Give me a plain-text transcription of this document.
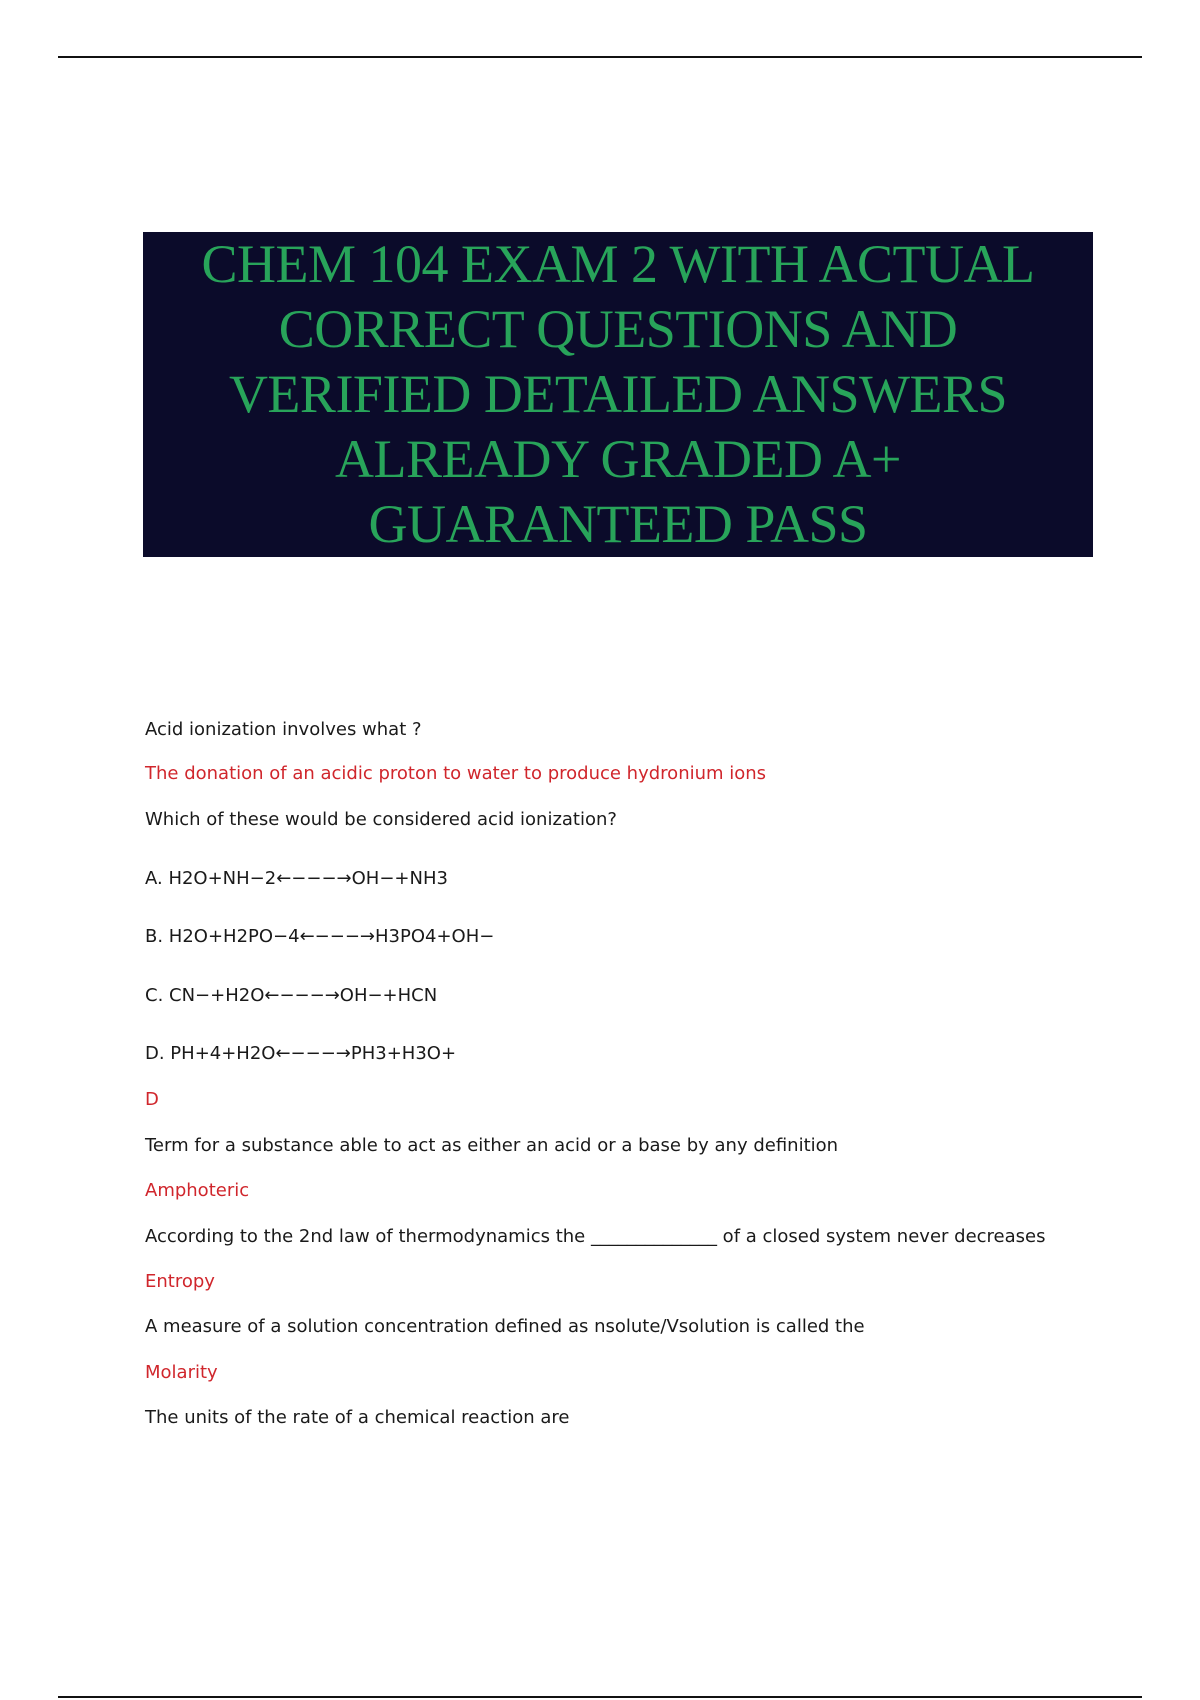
CHEM 104 EXAM 2 WITH ACTUAL
CORRECT QUESTIONS AND
VERIFIED DETAILED ANSWERS
ALREADY GRADED A+
GUARANTEED PASS
Acid ionization involves what ?
The donation of an acidic proton to water to produce hydronium ions
Which of these would be considered acid ionization?
A. H2O+NH−2←−−−→OH−+NH3
B. H2O+H2PO−4←−−−→H3PO4+OH−
C. CN−+H2O←−−−→OH−+HCN
D. PH+4+H2O←−−−→PH3+H3O+
D
Term for a substance able to act as either an acid or a base by any definition
Amphoteric
According to the 2nd law of thermodynamics the ______________ of a closed system never decreases
Entropy
A measure of a solution concentration defined as nsolute/Vsolution is called the
Molarity
The units of the rate of a chemical reaction are
